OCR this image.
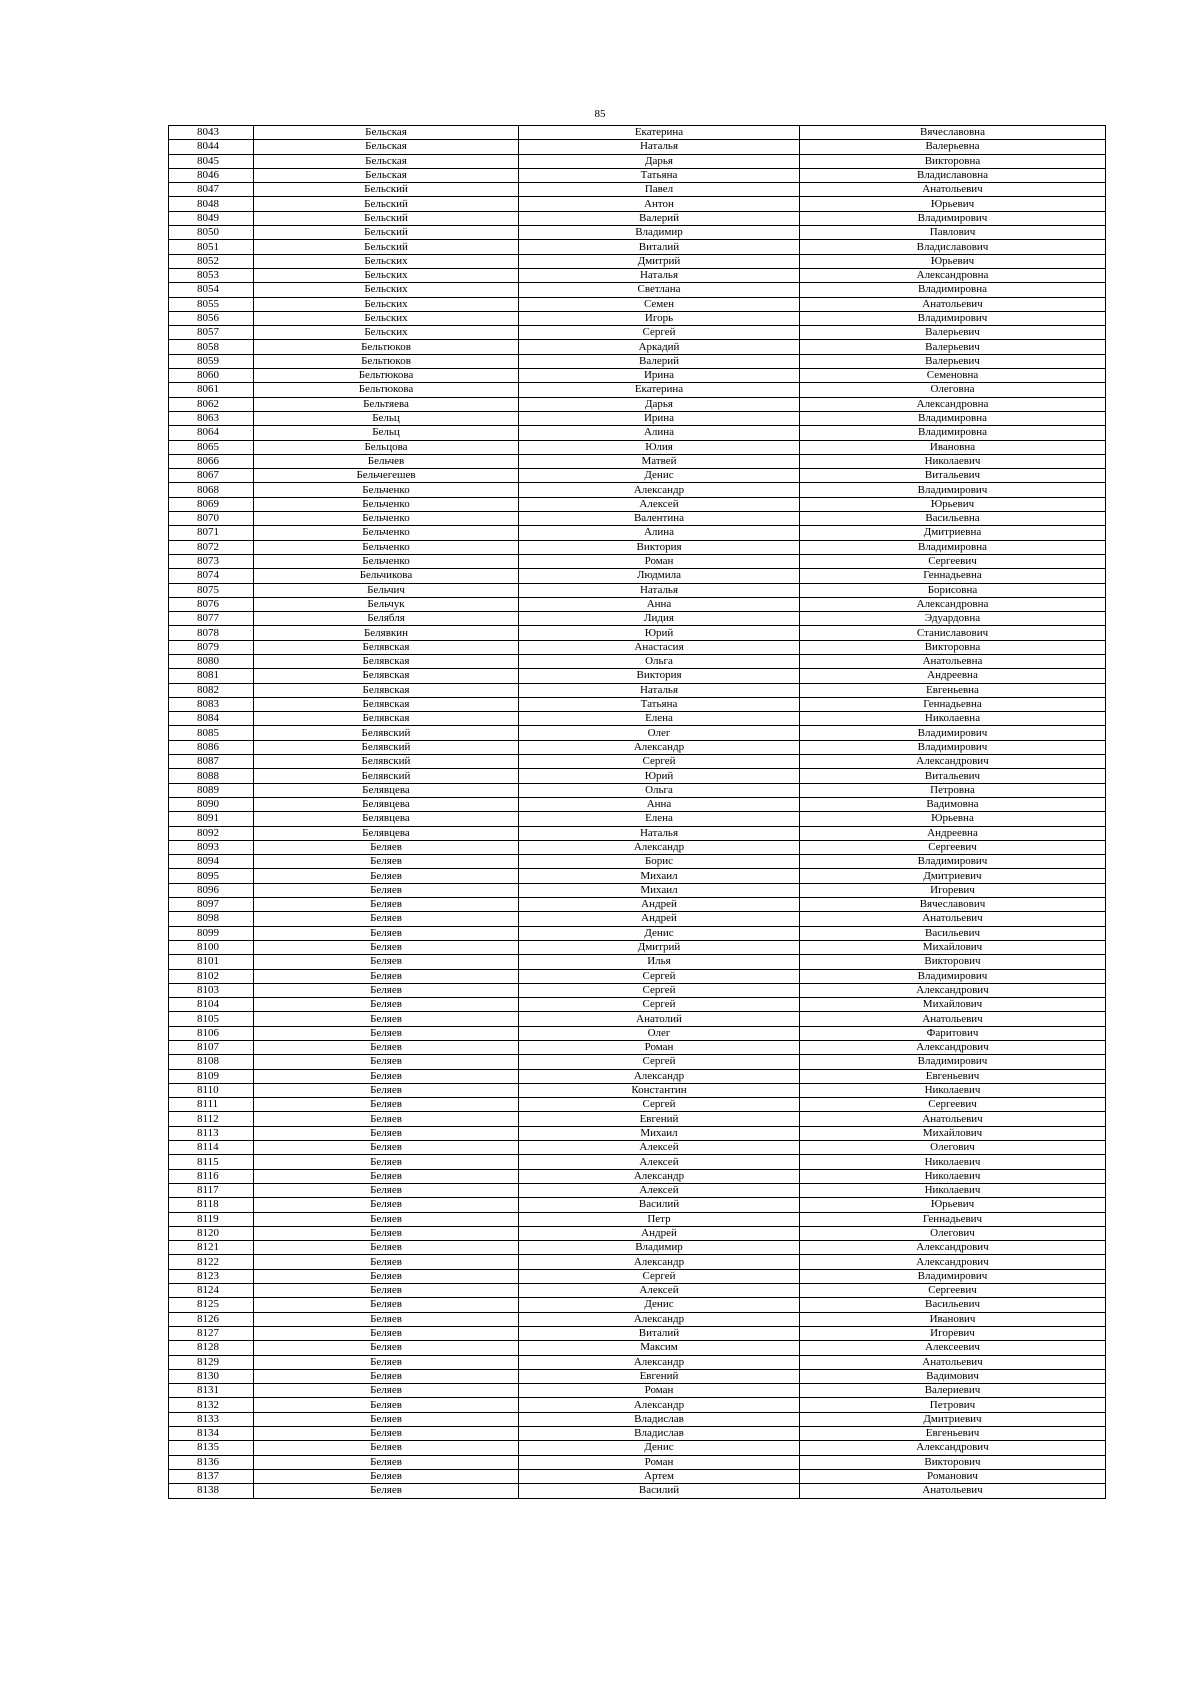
85
8043	Бельская	Екатерина	Вячеславовна
8044	Бельская	Наталья	Валерьевна
8045	Бельская	Дарья	Викторовна
8046	Бельская	Татьяна	Владиславовна
8047	Бельский	Павел	Анатольевич
8048	Бельский	Антон	Юрьевич
8049	Бельский	Валерий	Владимирович
8050	Бельский	Владимир	Павлович
8051	Бельский	Виталий	Владиславович
8052	Бельских	Дмитрий	Юрьевич
8053	Бельских	Наталья	Александровна
8054	Бельских	Светлана	Владимировна
8055	Бельских	Семен	Анатольевич
8056	Бельских	Игорь	Владимирович
8057	Бельских	Сергей	Валерьевич
8058	Бельтюков	Аркадий	Валерьевич
8059	Бельтюков	Валерий	Валерьевич
8060	Бельтюкова	Ирина	Семеновна
8061	Бельтюкова	Екатерина	Олеговна
8062	Бельтяева	Дарья	Александровна
8063	Бельц	Ирина	Владимировна
8064	Бельц	Алина	Владимировна
8065	Бельцова	Юлия	Ивановна
8066	Бельчев	Матвей	Николаевич
8067	Бельчегешев	Денис	Витальевич
8068	Бельченко	Александр	Владимирович
8069	Бельченко	Алексей	Юрьевич
8070	Бельченко	Валентина	Васильевна
8071	Бельченко	Алина	Дмитриевна
8072	Бельченко	Виктория	Владимировна
8073	Бельченко	Роман	Сергеевич
8074	Бельчикова	Людмила	Геннадьевна
8075	Бельчич	Наталья	Борисовна
8076	Бельчук	Анна	Александровна
8077	Белябля	Лидия	Эдуардовна
8078	Белявкин	Юрий	Станиславович
8079	Белявская	Анастасия	Викторовна
8080	Белявская	Ольга	Анатольевна
8081	Белявская	Виктория	Андреевна
8082	Белявская	Наталья	Евгеньевна
8083	Белявская	Татьяна	Геннадьевна
8084	Белявская	Елена	Николаевна
8085	Белявский	Олег	Владимирович
8086	Белявский	Александр	Владимирович
8087	Белявский	Сергей	Александрович
8088	Белявский	Юрий	Витальевич
8089	Белявцева	Ольга	Петровна
8090	Белявцева	Анна	Вадимовна
8091	Белявцева	Елена	Юрьевна
8092	Белявцева	Наталья	Андреевна
8093	Беляев	Александр	Сергеевич
8094	Беляев	Борис	Владимирович
8095	Беляев	Михаил	Дмитриевич
8096	Беляев	Михаил	Игоревич
8097	Беляев	Андрей	Вячеславович
8098	Беляев	Андрей	Анатольевич
8099	Беляев	Денис	Васильевич
8100	Беляев	Дмитрий	Михайлович
8101	Беляев	Илья	Викторович
8102	Беляев	Сергей	Владимирович
8103	Беляев	Сергей	Александрович
8104	Беляев	Сергей	Михайлович
8105	Беляев	Анатолий	Анатольевич
8106	Беляев	Олег	Фаритович
8107	Беляев	Роман	Александрович
8108	Беляев	Сергей	Владимирович
8109	Беляев	Александр	Евгеньевич
8110	Беляев	Константин	Николаевич
8111	Беляев	Сергей	Сергеевич
8112	Беляев	Евгений	Анатольевич
8113	Беляев	Михаил	Михайлович
8114	Беляев	Алексей	Олегович
8115	Беляев	Алексей	Николаевич
8116	Беляев	Александр	Николаевич
8117	Беляев	Алексей	Николаевич
8118	Беляев	Василий	Юрьевич
8119	Беляев	Петр	Геннадьевич
8120	Беляев	Андрей	Олегович
8121	Беляев	Владимир	Александрович
8122	Беляев	Александр	Александрович
8123	Беляев	Сергей	Владимирович
8124	Беляев	Алексей	Сергеевич
8125	Беляев	Денис	Васильевич
8126	Беляев	Александр	Иванович
8127	Беляев	Виталий	Игоревич
8128	Беляев	Максим	Алексеевич
8129	Беляев	Александр	Анатольевич
8130	Беляев	Евгений	Вадимович
8131	Беляев	Роман	Валериевич
8132	Беляев	Александр	Петрович
8133	Беляев	Владислав	Дмитриевич
8134	Беляев	Владислав	Евгеньевич
8135	Беляев	Денис	Александрович
8136	Беляев	Роман	Викторович
8137	Беляев	Артем	Романович
8138	Беляев	Василий	Анатольевич
